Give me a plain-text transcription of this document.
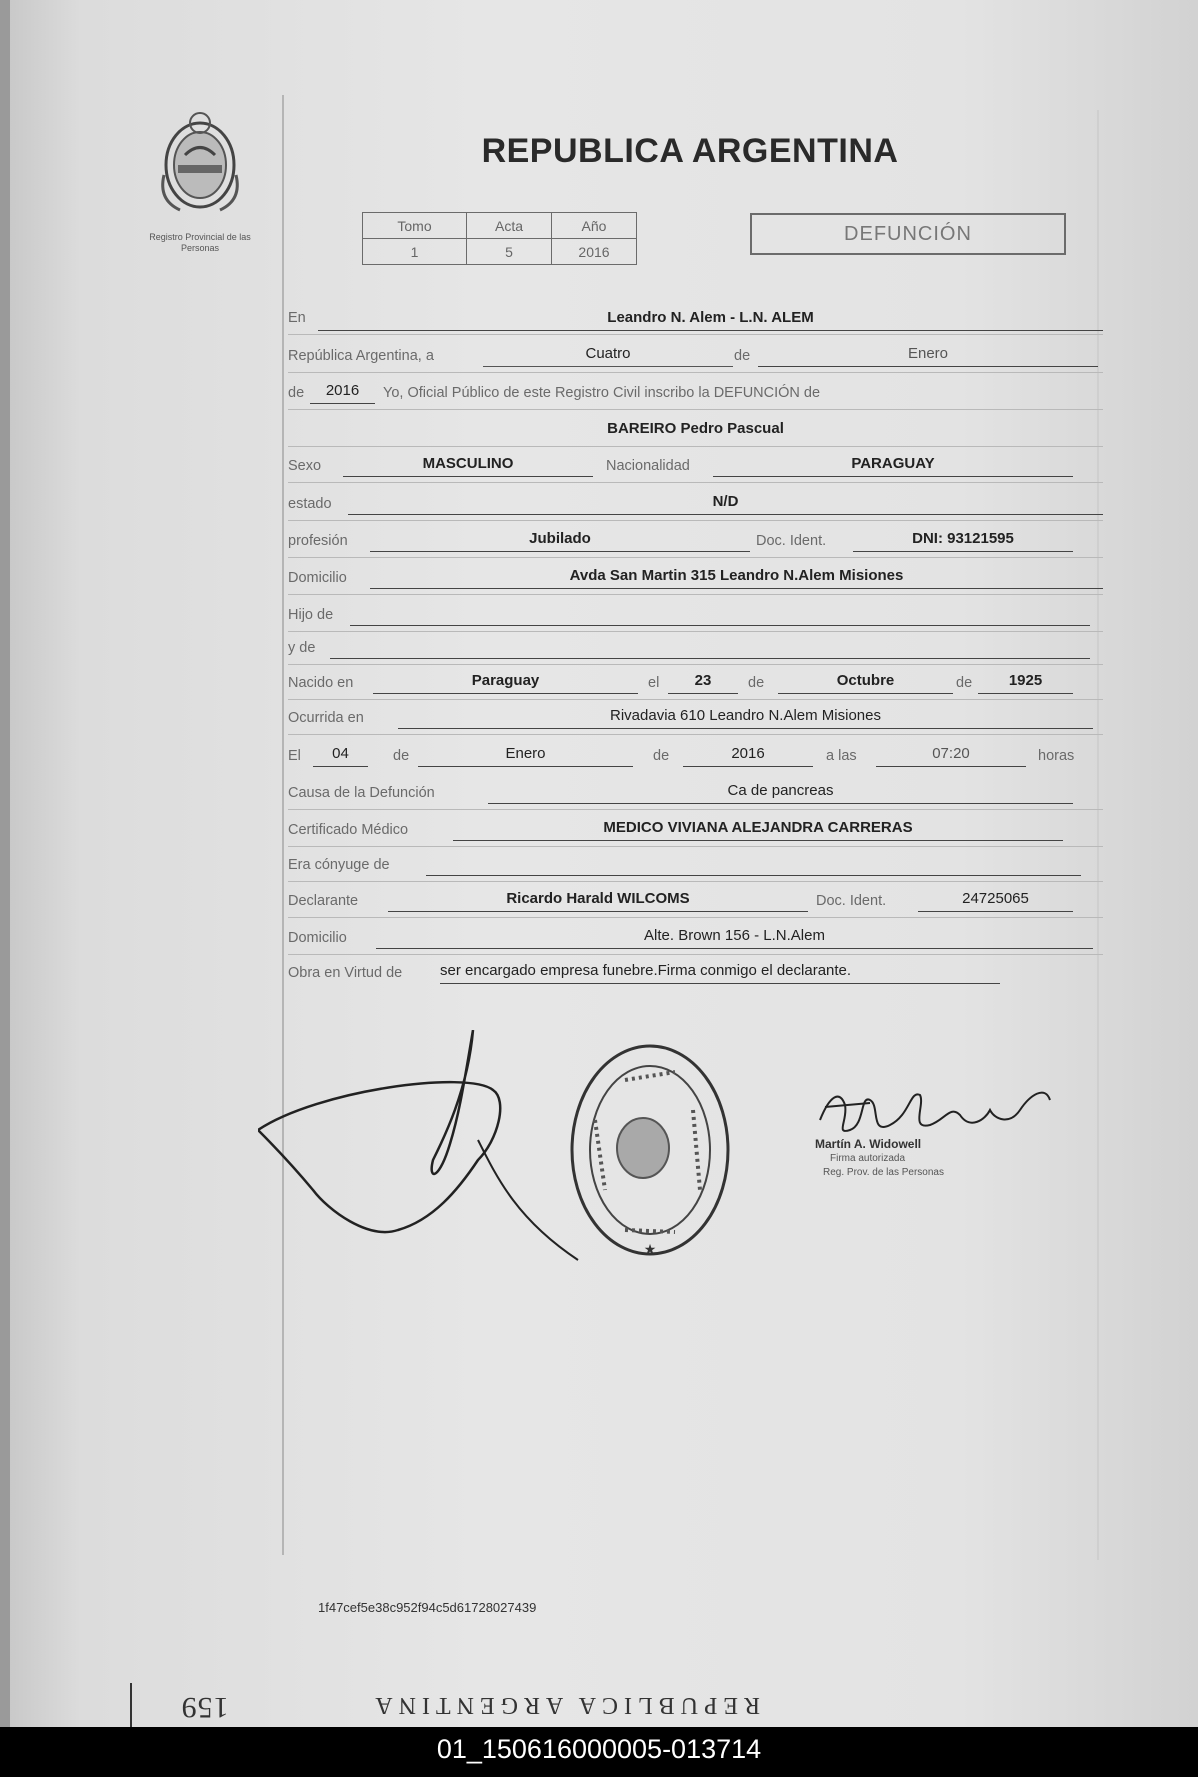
Registro Provincial de las Personas
REPUBLICA ARGENTINA
Tomo	Acta	Año
1	5	2016
DEFUNCIÓN
En	Leandro N. Alem - L.N. ALEM
República Argentina, a	Cuatro	de	Enero
de	2016	Yo, Oficial Público de este Registro Civil inscribo la DEFUNCIÓN de
BAREIRO Pedro Pascual
Sexo	MASCULINO	Nacionalidad	PARAGUAY
estado	N/D
profesión	Jubilado	Doc. Ident.	DNI: 93121595
Domicilio	Avda San Martin 315 Leandro N.Alem Misiones
Hijo de
y de
Nacido en	Paraguay	el	23	de	Octubre	de	1925
Ocurrida en	Rivadavia 610 Leandro N.Alem Misiones
El	04	de	Enero	de	2016	a las	07:20	horas
Causa de la Defunción	Ca de pancreas
Certificado Médico	MEDICO VIVIANA ALEJANDRA CARRERAS
Era cónyuge de
Declarante	Ricardo Harald WILCOMS	Doc. Ident.	24725065
Domicilio	Alte. Brown 156 - L.N.Alem
Obra en Virtud de	ser encargado empresa funebre.Firma conmigo el declarante.
★
Martín A. Widowell
Firma autorizada
Reg. Prov. de las Personas
1f47cef5e38c952f94c5d61728027439
REPUBLICA ARGENTINA 159
01_150616000005-013714
